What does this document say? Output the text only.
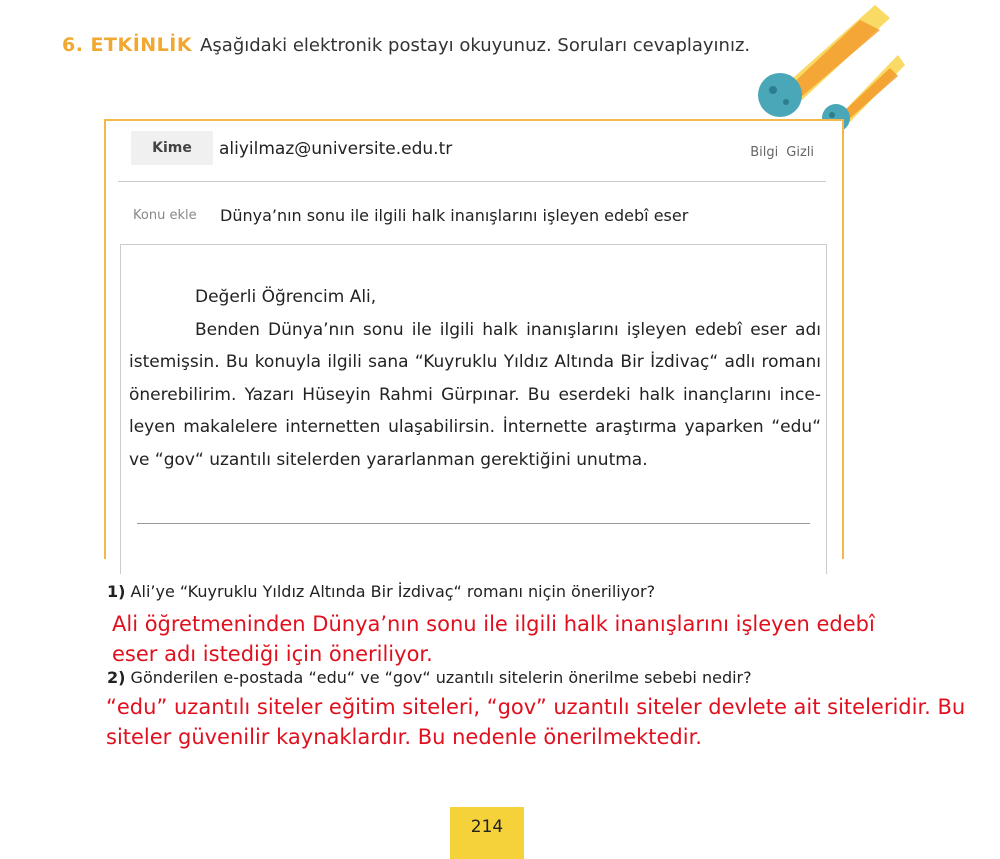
6. ETKİNLİK Aşağıdaki elektronik postayı okuyunuz. Soruları cevaplayınız.
Kime	aliyilmaz@universite.edu.tr	Bilgi Gizli
Konu ekle Dünya’nın sonu ile ilgili halk inanışlarını işleyen edebî eser

Değerli Öğrencim Ali,

Benden Dünya’nın sonu ile ilgili halk inanışlarını işleyen edebî eser adı istemişsin. Bu konuyla ilgili sana “Kuyruklu Yıldız Altında Bir İzdivaç“ adlı romanı önerebilirim. Yazarı Hüseyin Rahmi Gürpınar. Bu eserdeki halk inançlarını ince-leyen makalelere internetten ulaşabilirsin. İnternette araştırma yaparken “edu“ ve “gov“ uzantılı sitelerden yararlanman gerektiğini unutma.

1) Ali’ye “Kuyruklu Yıldız Altında Bir İzdivaç“ romanı niçin öneriliyor?
Ali öğretmeninden Dünya’nın sonu ile ilgili halk inanışlarını işleyen edebî eser adı istediği için öneriliyor.
2) Gönderilen e-postada “edu“ ve “gov“ uzantılı sitelerin önerilme sebebi nedir?
“edu” uzantılı siteler eğitim siteleri, “gov” uzantılı siteler devlete ait siteleridir. Bu siteler güvenilir kaynaklardır. Bu nedenle önerilmektedir.
214
